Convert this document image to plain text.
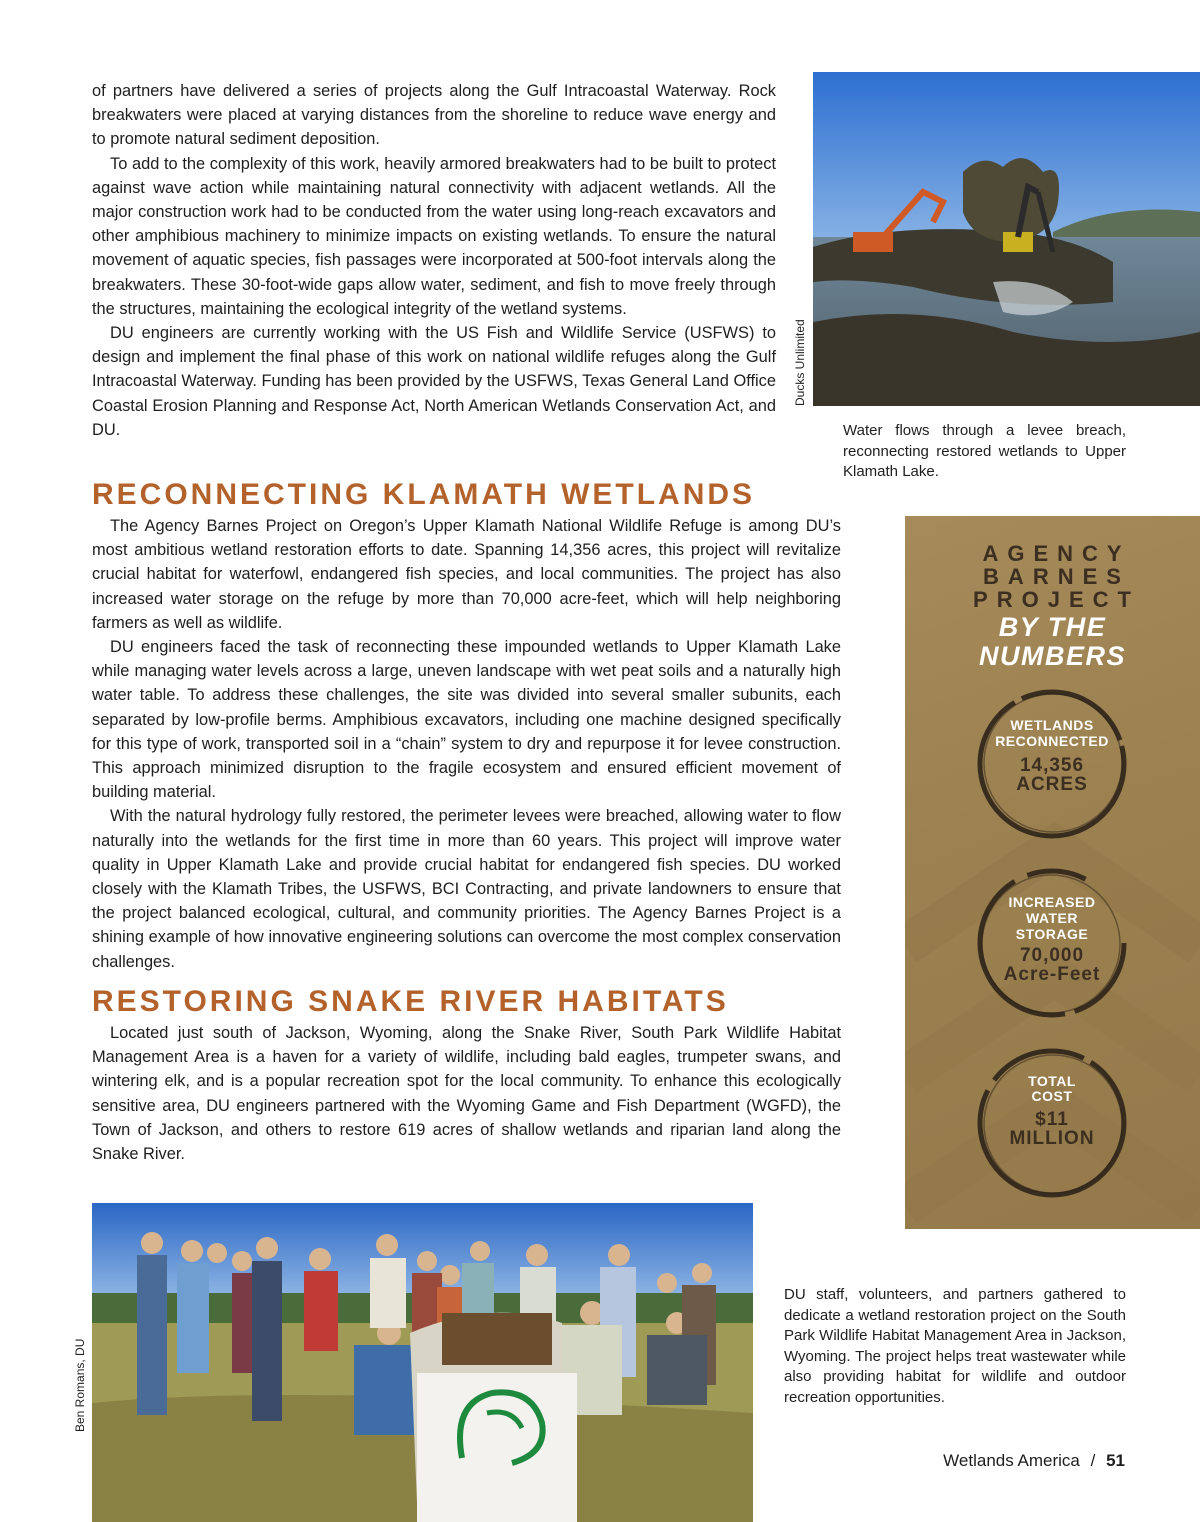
of partners have delivered a series of projects along the Gulf Intracoastal Waterway. Rock breakwaters were placed at varying distances from the shoreline to reduce wave energy and to promote natural sediment deposition.

To add to the complexity of this work, heavily armored breakwaters had to be built to protect against wave action while maintaining natural connectivity with adjacent wetlands. All the major construction work had to be conducted from the water using long-reach excavators and other amphibious machinery to minimize impacts on existing wetlands. To ensure the natural movement of aquatic species, fish passages were incorporated at 500-foot intervals along the breakwaters. These 30-foot-wide gaps allow water, sediment, and fish to move freely through the structures, maintaining the ecological integrity of the wetland systems.

DU engineers are currently working with the US Fish and Wildlife Service (USFWS) to design and implement the final phase of this work on national wildlife refuges along the Gulf Intracoastal Waterway. Funding has been provided by the USFWS, Texas General Land Office Coastal Erosion Planning and Response Act, North American Wetlands Conservation Act, and DU.

Ducks Unlimited

Water flows through a levee breach, reconnecting restored wetlands to Upper Klamath Lake.

RECONNECTING KLAMATH WETLANDS

The Agency Barnes Project on Oregon’s Upper Klamath National Wildlife Refuge is among DU’s most ambitious wetland restoration efforts to date. Spanning 14,356 acres, this project will revitalize crucial habitat for waterfowl, endangered fish species, and local communities. The project has also increased water storage on the refuge by more than 70,000 acre-feet, which will help neighboring farmers as well as wildlife.

DU engineers faced the task of reconnecting these impounded wetlands to Upper Klamath Lake while managing water levels across a large, uneven landscape with wet peat soils and a naturally high water table. To address these challenges, the site was divided into several smaller subunits, each separated by low-profile berms. Amphibious excavators, including one machine designed specifically for this type of work, transported soil in a “chain” system to dry and repurpose it for levee construction. This approach minimized disruption to the fragile ecosystem and ensured efficient movement of building material.

With the natural hydrology fully restored, the perimeter levees were breached, allowing water to flow naturally into the wetlands for the first time in more than 60 years. This project will improve water quality in Upper Klamath Lake and provide crucial habitat for endangered fish species. DU worked closely with the Klamath Tribes, the USFWS, BCI Contracting, and private landowners to ensure that the project balanced ecological, cultural, and community priorities. The Agency Barnes Project is a shining example of how innovative engineering solutions can overcome the most complex conservation challenges.

RESTORING SNAKE RIVER HABITATS

Located just south of Jackson, Wyoming, along the Snake River, South Park Wildlife Habitat Management Area is a haven for a variety of wildlife, including bald eagles, trumpeter swans, and wintering elk, and is a popular recreation spot for the local community. To enhance this ecologically sensitive area, DU engineers partnered with the Wyoming Game and Fish Department (WGFD), the Town of Jackson, and others to restore 619 acres of shallow wetlands and riparian land along the Snake River.

AGENCY
BARNES
PROJECT
BY THE
NUMBERS
WETLANDS
RECONNECTED
14,356
ACRES
INCREASED
WATER
STORAGE
70,000
Acre-Feet
TOTAL
COST
$11
MILLION
Ben Romans, DU

DU staff, volunteers, and partners gathered to dedicate a wetland restoration project on the South Park Wildlife Habitat Management Area in Jackson, Wyoming. The project helps treat wastewater while also providing habitat for wildlife and outdoor recreation opportunities.

Wetlands America / 51
